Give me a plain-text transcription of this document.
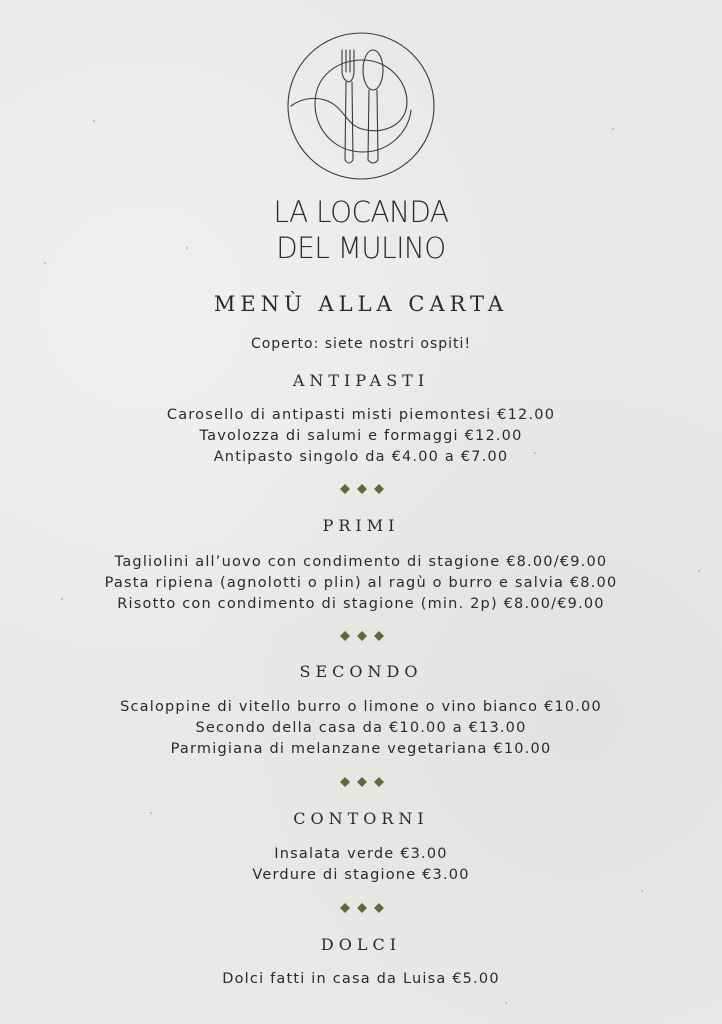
LA LOCANDA
DEL MULINO
MENÙ ALLA CARTA
Coperto: siete nostri ospiti!
ANTIPASTI
Carosello di antipasti misti piemontesi €12.00
Tavolozza di salumi e formaggi €12.00
Antipasto singolo da €4.00 a €7.00
PRIMI
Tagliolini all’uovo con condimento di stagione €8.00/€9.00
Pasta ripiena (agnolotti o plin) al ragù o burro e salvia €8.00
Risotto con condimento di stagione (min. 2p) €8.00/€9.00
SECONDO
Scaloppine di vitello burro o limone o vino bianco €10.00
Secondo della casa da €10.00 a €13.00
Parmigiana di melanzane vegetariana €10.00
CONTORNI
Insalata verde €3.00
Verdure di stagione €3.00
DOLCI
Dolci fatti in casa da Luisa €5.00
